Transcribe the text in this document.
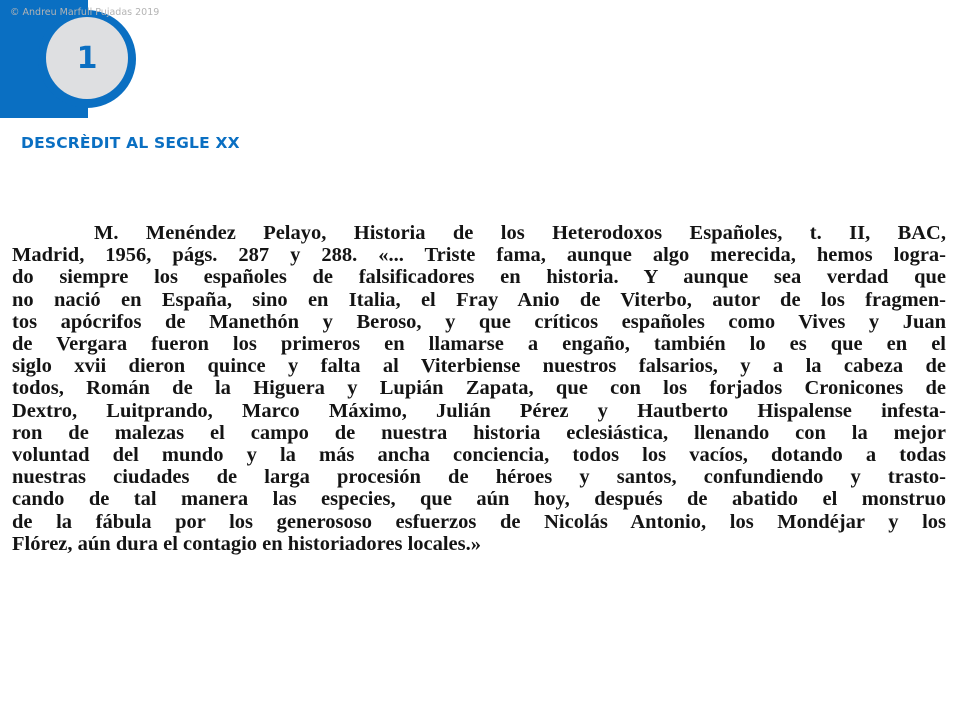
1
© Andreu Marfull Pujadas 2019
DESCRÈDIT AL SEGLE XX
M. Menéndez Pelayo, Historia de los Heterodoxos Españoles, t. II, BAC,
Madrid, 1956, págs. 287 y 288. «... Triste fama, aunque algo merecida, hemos logra-
do siempre los españoles de falsificadores en historia. Y aunque sea verdad que
no nació en España, sino en Italia, el Fray Anio de Viterbo, autor de los fragmen-
tos apócrifos de Manethón y Beroso, y que críticos españoles como Vives y Juan
de Vergara fueron los primeros en llamarse a engaño, también lo es que en el
siglo xvii dieron quince y falta al Viterbiense nuestros falsarios, y a la cabeza de
todos, Román de la Higuera y Lupián Zapata, que con los forjados Cronicones de
Dextro, Luitprando, Marco Máximo, Julián Pérez y Hautberto Hispalense infesta-
ron de malezas el campo de nuestra historia eclesiástica, llenando con la mejor
voluntad del mundo y la más ancha conciencia, todos los vacíos, dotando a todas
nuestras ciudades de larga procesión de héroes y santos, confundiendo y trasto-
cando de tal manera las especies, que aún hoy, después de abatido el monstruo
de la fábula por los generososo esfuerzos de Nicolás Antonio, los Mondéjar y los
Flórez, aún dura el contagio en historiadores locales.»
